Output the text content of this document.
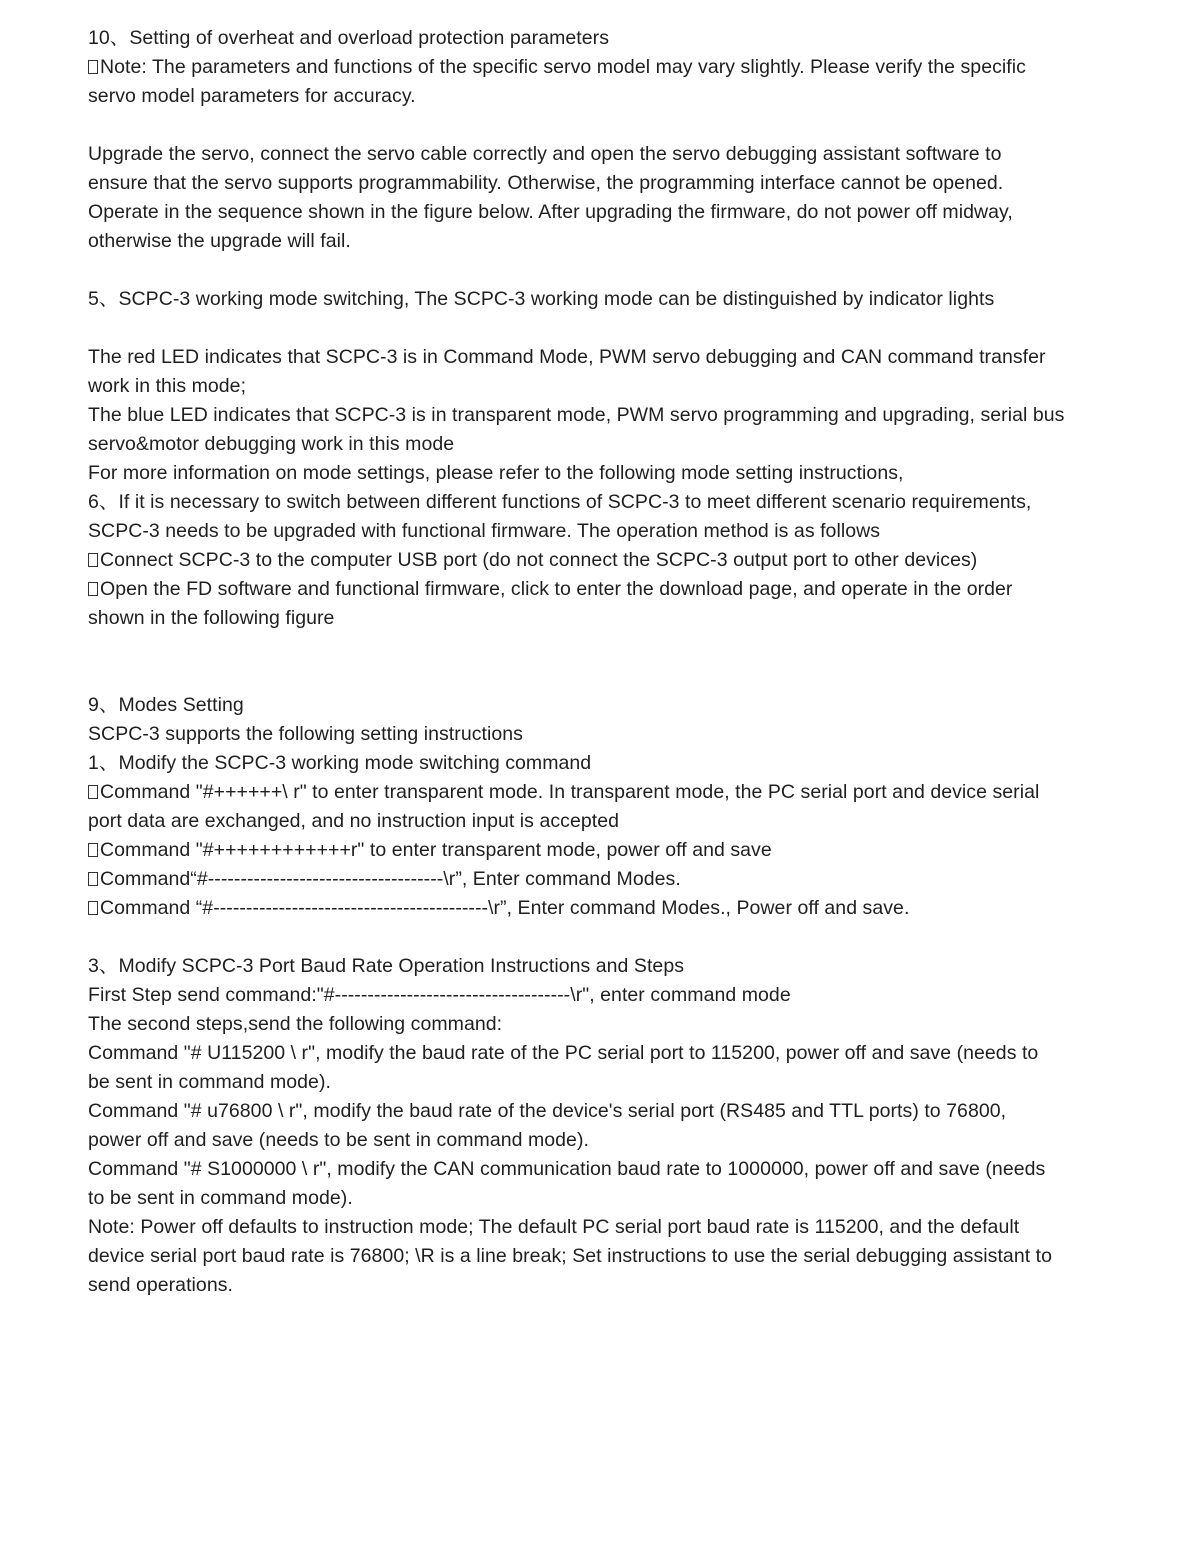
10、Setting of overheat and overload protection parameters
Note: The parameters and functions of the specific servo model may vary slightly. Please verify the specific
servo model parameters for accuracy.
Upgrade the servo, connect the servo cable correctly and open the servo debugging assistant software to
ensure that the servo supports programmability. Otherwise, the programming interface cannot be opened.
Operate in the sequence shown in the figure below. After upgrading the firmware, do not power off midway,
otherwise the upgrade will fail.
5、SCPC-3 working mode switching, The SCPC-3 working mode can be distinguished by indicator lights
The red LED indicates that SCPC-3 is in Command Mode, PWM servo debugging and CAN command transfer
work in this mode;
The blue LED indicates that SCPC-3 is in transparent mode, PWM servo programming and upgrading, serial bus
servo&motor debugging work in this mode
For more information on mode settings, please refer to the following mode setting instructions,
6、If it is necessary to switch between different functions of SCPC-3 to meet different scenario requirements,
SCPC-3 needs to be upgraded with functional firmware. The operation method is as follows
Connect SCPC-3 to the computer USB port (do not connect the SCPC-3 output port to other devices)
Open the FD software and functional firmware, click to enter the download page, and operate in the order
shown in the following figure
9、Modes Setting
SCPC-3 supports the following setting instructions
1、Modify the SCPC-3 working mode switching command
Command "#++++++\ r" to enter transparent mode. In transparent mode, the PC serial port and device serial
port data are exchanged, and no instruction input is accepted
Command "#++++++++++++r" to enter transparent mode, power off and save
Command“#------------------------------------\r”, Enter command Modes.
Command “#------------------------------------------\r”, Enter command Modes., Power off and save.
3、Modify SCPC-3 Port Baud Rate Operation Instructions and Steps
First Step send command:"#------------------------------------\r", enter command mode
The second steps,send the following command:
Command "# U115200 \ r", modify the baud rate of the PC serial port to 115200, power off and save (needs to
be sent in command mode).
Command "# u76800 \ r", modify the baud rate of the device's serial port (RS485 and TTL ports) to 76800,
power off and save (needs to be sent in command mode).
Command "# S1000000 \ r", modify the CAN communication baud rate to 1000000, power off and save (needs
to be sent in command mode).
Note: Power off defaults to instruction mode; The default PC serial port baud rate is 115200, and the default
device serial port baud rate is 76800; \R is a line break; Set instructions to use the serial debugging assistant to
send operations.
